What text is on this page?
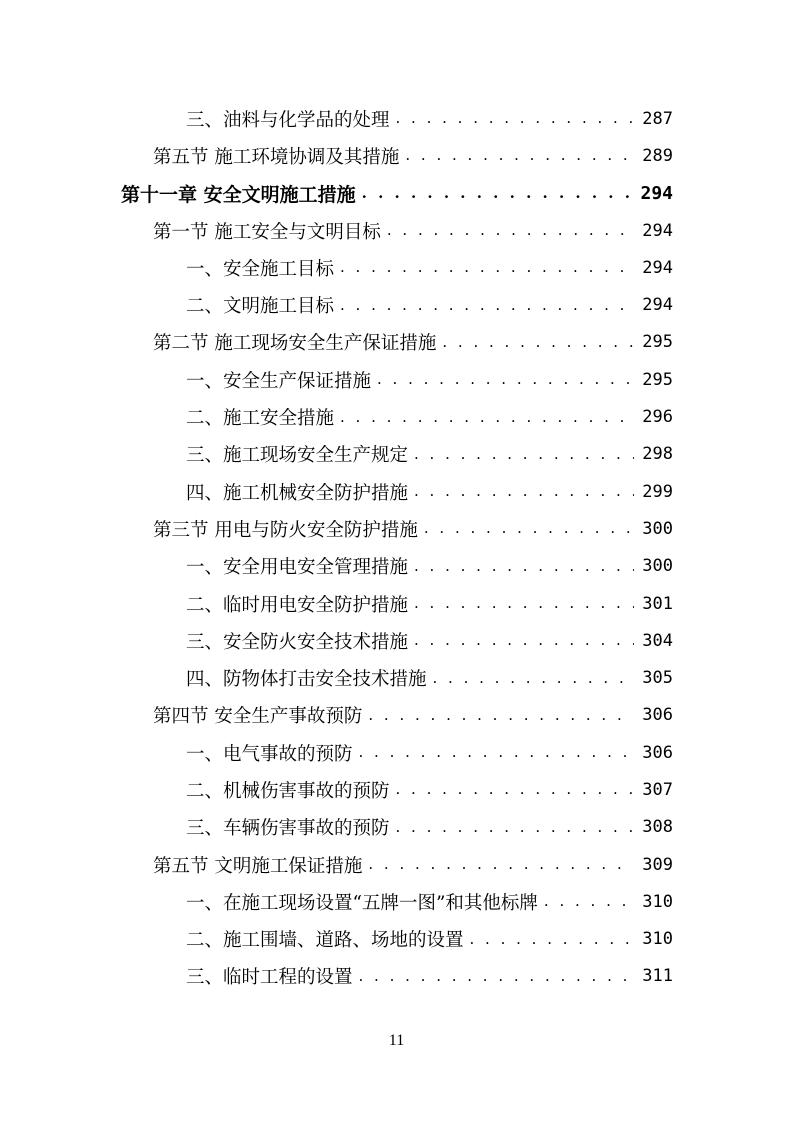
三、油料与化学品的处理 . . .	287
第五节 施工环境协调及其措施 . . .	289
第十一章 安全文明施工措施 . . .	294
第一节 施工安全与文明目标 . . .	294
一、安全施工目标 . . .	294
二、文明施工目标 . . .	294
第二节 施工现场安全生产保证措施 . . .	295
一、安全生产保证措施 . . .	295
二、施工安全措施 . . .	296
三、施工现场安全生产规定 . . .	298
四、施工机械安全防护措施 . . .	299
第三节 用电与防火安全防护措施 . . .	300
一、安全用电安全管理措施 . . .	300
二、临时用电安全防护措施 . . .	301
三、安全防火安全技术措施 . . .	304
四、防物体打击安全技术措施 . . .	305
第四节 安全生产事故预防 . . .	306
一、电气事故的预防 . . .	306
二、机械伤害事故的预防 . . .	307
三、车辆伤害事故的预防 . . .	308
第五节 文明施工保证措施 . . .	309
一、在施工现场设置“五牌一图”和其他标牌 . . .	310
二、施工围墙、道路、场地的设置 . . .	310
三、临时工程的设置 . . .	311
11
